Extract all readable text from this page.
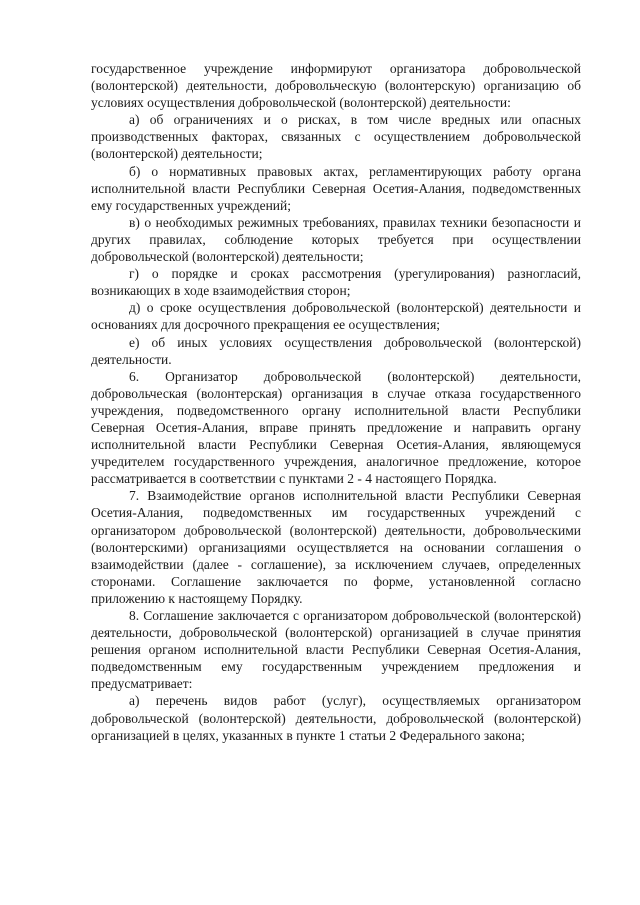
государственное учреждение информируют организатора добровольческой (волонтерской) деятельности, добровольческую (волонтерскую) организацию об условиях осуществления добровольческой (волонтерской) деятельности:

а) об ограничениях и о рисках, в том числе вредных или опасных производственных факторах, связанных с осуществлением добровольческой (волонтерской) деятельности;

б) о нормативных правовых актах, регламентирующих работу органа исполнительной власти Республики Северная Осетия-Алания, подведомственных ему государственных учреждений;

в) о необходимых режимных требованиях, правилах техники безопасности и других правилах, соблюдение которых требуется при осуществлении добровольческой (волонтерской) деятельности;

г) о порядке и сроках рассмотрения (урегулирования) разногласий, возникающих в ходе взаимодействия сторон;

д) о сроке осуществления добровольческой (волонтерской) деятельности и основаниях для досрочного прекращения ее осуществления;

е) об иных условиях осуществления добровольческой (волонтерской) деятельности.

6. Организатор добровольческой (волонтерской) деятельности, добровольческая (волонтерская) организация в случае отказа государственного учреждения, подведомственного органу исполнительной власти Республики Северная Осетия-Алания, вправе принять предложение и направить органу исполнительной власти Республики Северная Осетия-Алания, являющемуся учредителем государственного учреждения, аналогичное предложение, которое рассматривается в соответствии с пунктами 2 - 4 настоящего Порядка.

7. Взаимодействие органов исполнительной власти Республики Северная Осетия-Алания, подведомственных им государственных учреждений с организатором добровольческой (волонтерской) деятельности, добровольческими (волонтерскими) организациями осуществляется на основании соглашения о взаимодействии (далее - соглашение), за исключением случаев, определенных сторонами. Соглашение заключается по форме, установленной согласно приложению к настоящему Порядку.

8. Соглашение заключается с организатором добровольческой (волонтерской) деятельности, добровольческой (волонтерской) организацией в случае принятия решения органом исполнительной власти Республики Северная Осетия-Алания, подведомственным ему государственным учреждением предложения и предусматривает:

а) перечень видов работ (услуг), осуществляемых организатором добровольческой (волонтерской) деятельности, добровольческой (волонтерской) организацией в целях, указанных в пункте 1 статьи 2 Федерального закона;
